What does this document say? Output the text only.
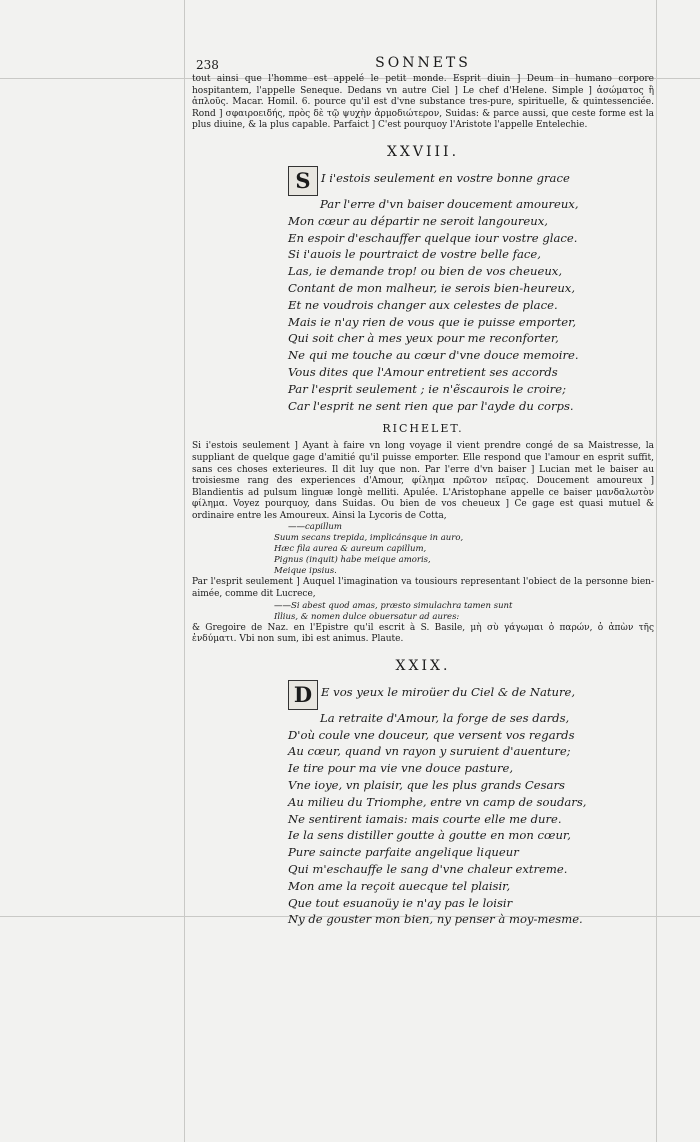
238	SONNETS
tout ainsi que l'homme est appelé le petit monde. Esprit diuin ] Deum in humano corpore hospitantem, l'appelle Seneque. Dedans vn autre Ciel ] Le chef d'Helene. Simple ] ἀσώματος ἢ ἀπλοῦς. Macar. Homil. 6. pource qu'il est d'vne substance tres-pure, spirituelle, & quintessenciée. Rond ] σφαιροειδής, πρὸς δὲ τῷ ψυχὴν ἁρμοδιώτερον, Suidas: & parce aussi, que ceste forme est la plus diuine, & la plus capable. Parfaict ] C'est pourquoy l'Aristote l'appelle Entelechie.
XXVIII.
S I i'estois seulement en vostre bonne grace
Par l'erre d'vn baiser doucement amoureux,
Mon cœur au départir ne seroit langoureux,
En espoir d'eschauffer quelque iour vostre glace.
Si i'auois le pourtraict de vostre belle face,
Las, ie demande trop! ou bien de vos cheueux,
Contant de mon malheur, ie serois bien-heureux,
Et ne voudrois changer aux celestes de place.
Mais ie n'ay rien de vous que ie puisse emporter,
Qui soit cher à mes yeux pour me reconforter,
Ne qui me touche au cœur d'vne douce memoire.
Vous dites que l'Amour entretient ses accords
Par l'esprit seulement ; ie n'ẽscaurois le croire;
Car l'esprit ne sent rien que par l'ayde du corps.
RICHELET.
Si i'estois seulement ] Ayant à faire vn long voyage il vient prendre congé de sa Maistresse, la suppliant de quelque gage d'amitié qu'il puisse emporter. Elle respond que l'amour en esprit suffit, sans ces choses exterieures. Il dit luy que non. Par l'erre d'vn baiser ] Lucian met le baiser au troisiesme rang des experiences d'Amour, φίλημα πρῶτον πεῖρας. Doucement amoureux ] Blandientis ad pulsum linguæ longè melliti. Apulée. L'Aristophane appelle ce baiser μανδαλωτὸν φίλημα. Voyez pourquoy, dans Suidas. Ou bien de vos cheueux ] Ce gage est quasi mutuel & ordinaire entre les Amoureux. Ainsi la Lycoris de Cotta,
——capillum
Suum secans trepida, implicánsque in auro,
Hæc fila aurea & aureum capillum,
Pignus (inquit) habe meique amoris,
Meique ipsius.
Par l'esprit seulement ] Auquel l'imagination va tousiours representant l'obiect de la personne bien-aimée, comme dit Lucrece,
——Si abest quod amas, præsto simulachra tamen sunt
Illius, & nomen dulce obuersatur ad aures:
& Gregoire de Naz. en l'Epistre qu'il escrit à S. Basile, μὴ σὺ γάγωμαι ὁ παρών, ὁ ἀπὼν τῆς ἐνδύματι. Vbi non sum, ibi est animus. Plaute.
XXIX.
D E vos yeux le miroüer du Ciel & de Nature,
La retraite d'Amour, la forge de ses dards,
D'où coule vne douceur, que versent vos regards
Au cœur, quand vn rayon y suruient d'auenture;
Ie tire pour ma vie vne douce pasture,
Vne ioye, vn plaisir, que les plus grands Cesars
Au milieu du Triomphe, entre vn camp de soudars,
Ne sentirent iamais: mais courte elle me dure.
Ie la sens distiller goutte à goutte en mon cœur,
Pure saincte parfaite angelique liqueur
Qui m'eschauffe le sang d'vne chaleur extreme.
Mon ame la reçoit auecque tel plaisir,
Que tout esuanoüy ie n'ay pas le loisir
Ny de gouster mon bien, ny penser à moy-mesme.
